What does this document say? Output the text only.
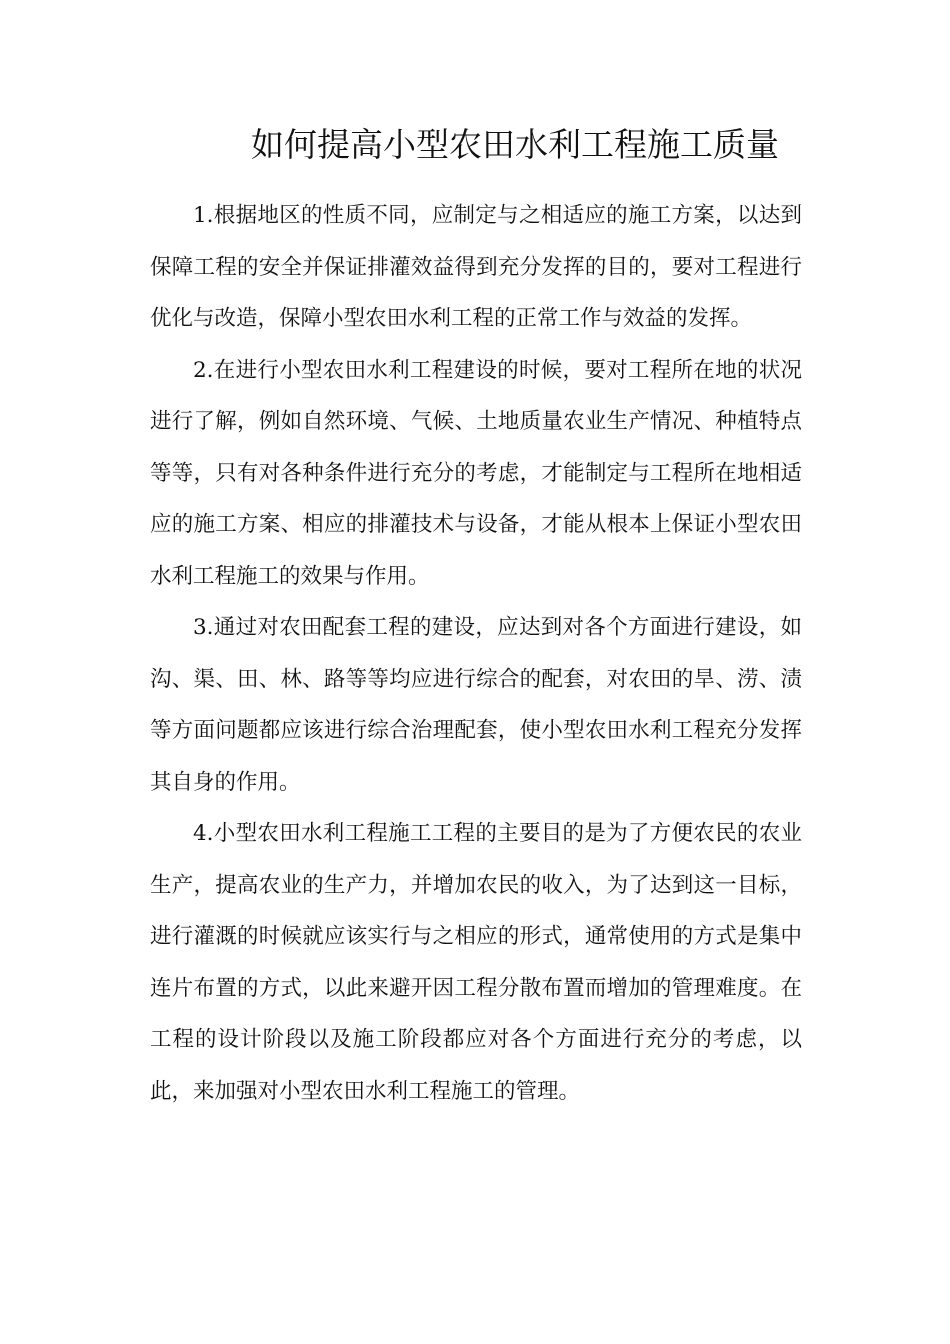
如何提高小型农田水利工程施工质量

1.根据地区的性质不同，应制定与之相适应的施工方案，以达到保障工程的安全并保证排灌效益得到充分发挥的目的，要对工程进行优化与改造，保障小型农田水利工程的正常工作与效益的发挥。

2.在进行小型农田水利工程建设的时候，要对工程所在地的状况进行了解，例如自然环境、气候、土地质量农业生产情况、种植特点等等，只有对各种条件进行充分的考虑，才能制定与工程所在地相适应的施工方案、相应的排灌技术与设备，才能从根本上保证小型农田水利工程施工的效果与作用。

3.通过对农田配套工程的建设，应达到对各个方面进行建设，如沟、渠、田、林、路等等均应进行综合的配套，对农田的旱、涝、渍等方面问题都应该进行综合治理配套，使小型农田水利工程充分发挥其自身的作用。

4.小型农田水利工程施工工程的主要目的是为了方便农民的农业生产，提高农业的生产力，并增加农民的收入，为了达到这一目标，进行灌溉的时候就应该实行与之相应的形式，通常使用的方式是集中连片布置的方式，以此来避开因工程分散布置而增加的管理难度。在工程的设计阶段以及施工阶段都应对各个方面进行充分的考虑，以此，来加强对小型农田水利工程施工的管理。
